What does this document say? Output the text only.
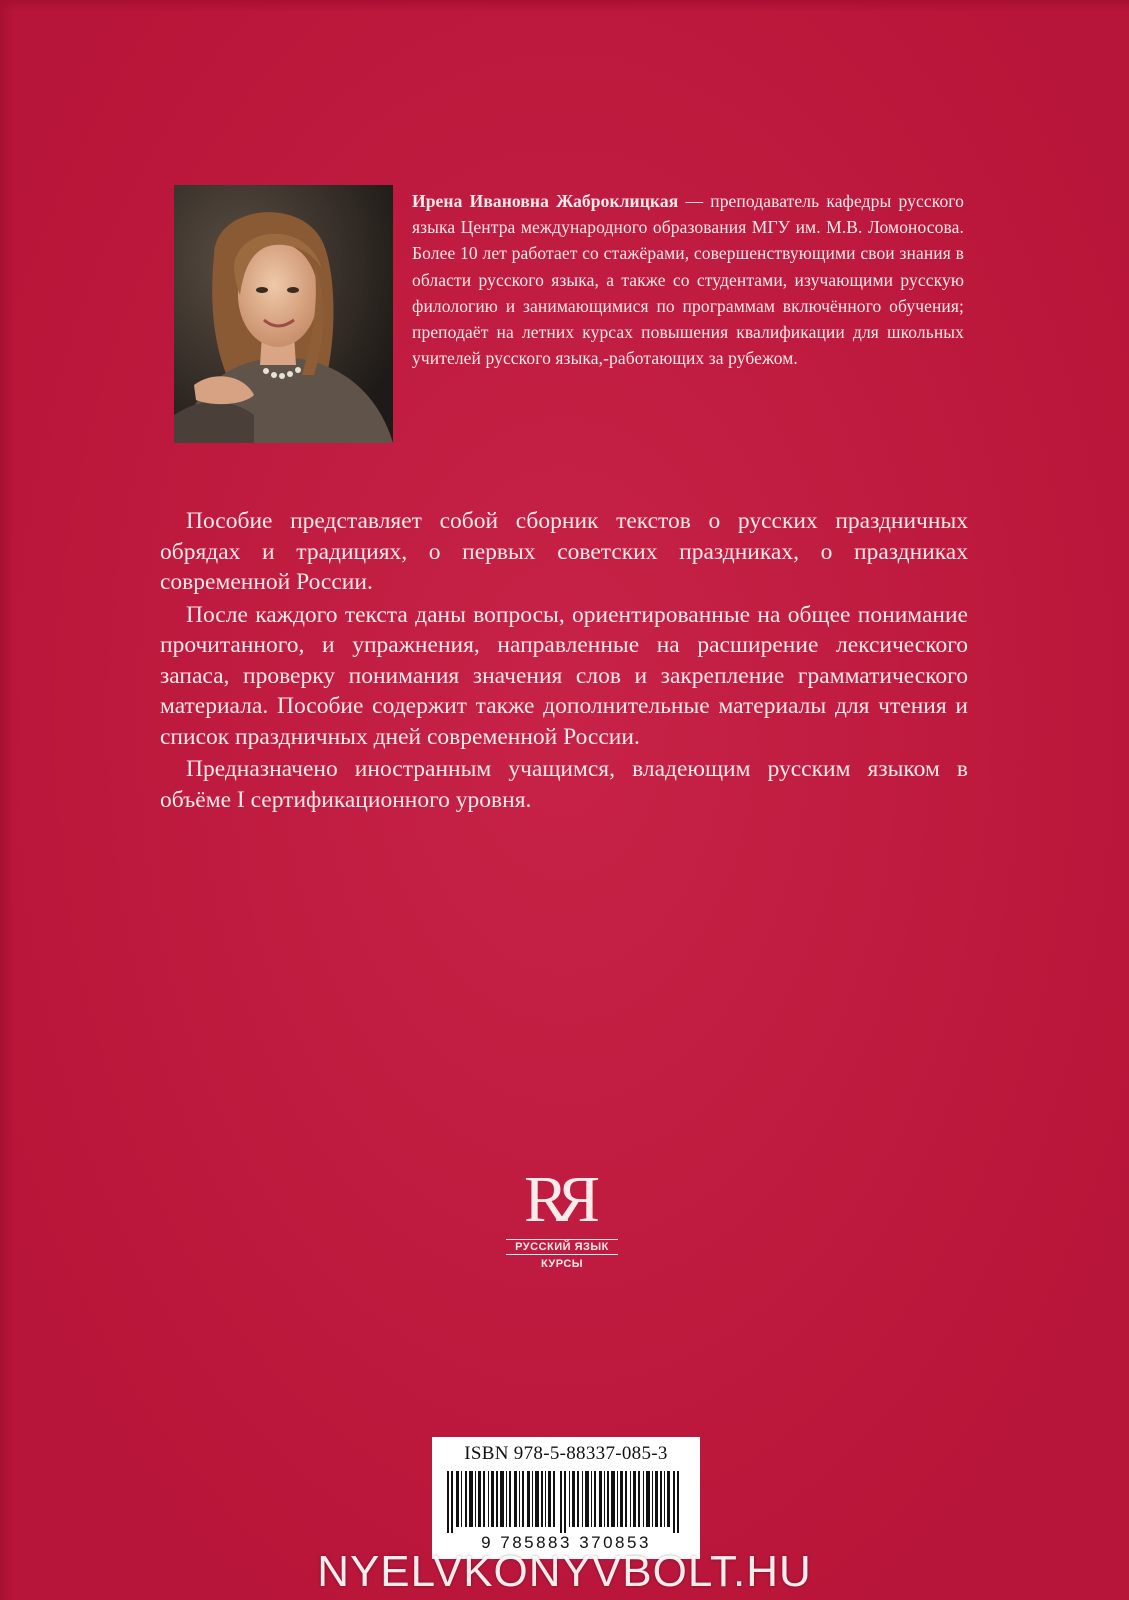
Ирена Ивановна Жаброклицкая — преподаватель кафедры русского языка Центра международного образования МГУ им. М.В. Ломоносова. Более 10 лет работает со стажёрами, совершенствующими свои знания в области русского языка, а также со студентами, изучающими русскую филологию и занимающимися по программам включённого обучения; преподаёт на летних курсах повышения квалификации для школьных учителей русского языка,-работающих за рубежом.

Пособие представляет собой сборник текстов о русских праздничных обрядах и традициях, о первых советских праздниках, о праздниках современной России.

После каждого текста даны вопросы, ориентированные на общее понимание прочитанного, и упражнения, направленные на расширение лексического запаса, проверку понимания значения слов и закрепление грамматического материала. Пособие содержит также дополнительные материалы для чтения и список праздничных дней современной России.

Предназначено иностранным учащимся, владеющим русским языком в объёме I сертификационного уровня.

RR
РУССКИЙ ЯЗЫК
КУРСЫ
ISBN 978-5-88337-085-3
9 785883 370853
NYELVKONYVBOLT.HU
